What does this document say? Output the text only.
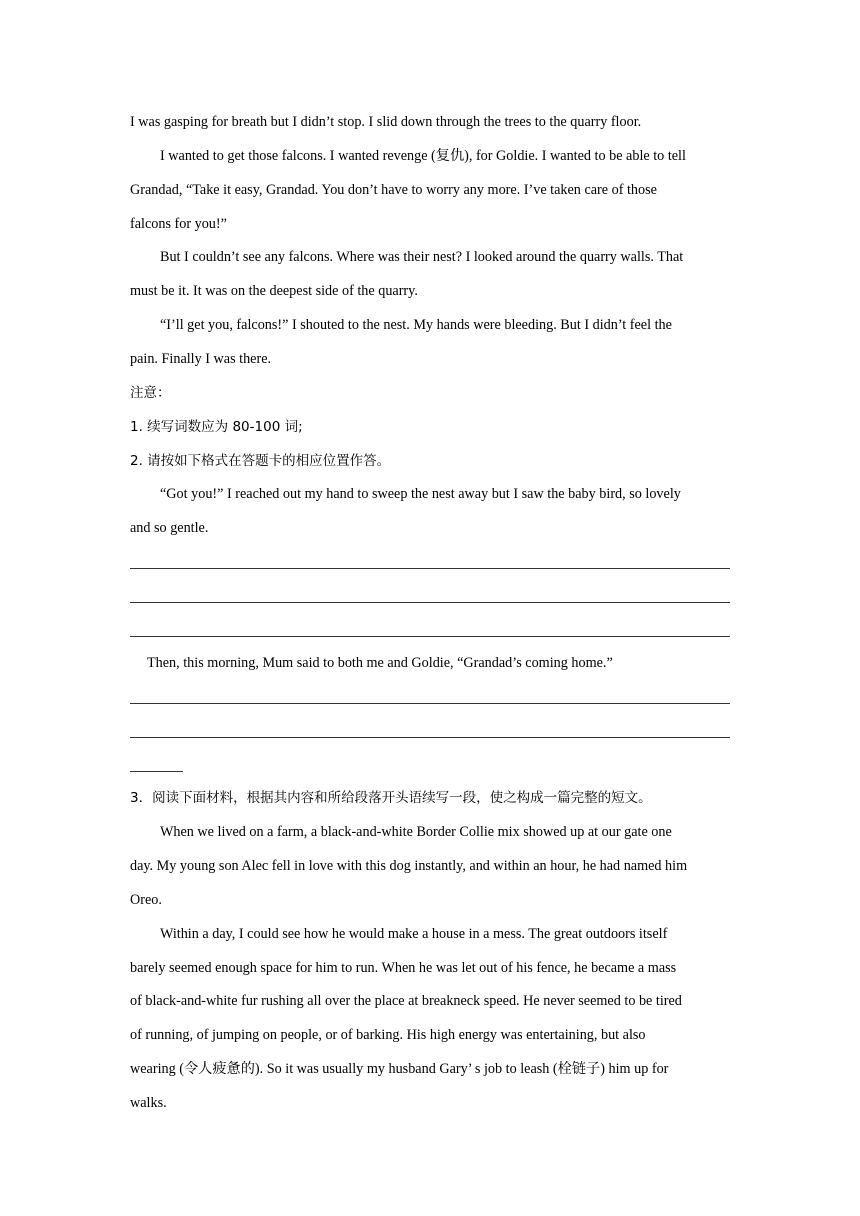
I was gasping for breath but I didn’t stop. I slid down through the trees to the quarry floor.
I wanted to get those falcons. I wanted revenge (复仇), for Goldie. I wanted to be able to tell
Grandad, “Take it easy, Grandad. You don’t have to worry any more. I’ve taken care of those
falcons for you!”
But I couldn’t see any falcons. Where was their nest? I looked around the quarry walls. That
must be it. It was on the deepest side of the quarry.
“I’ll get you, falcons!” I shouted to the nest. My hands were bleeding. But I didn’t feel the
pain. Finally I was there.
注意：
1. 续写词数应为 80-100 词;
2. 请按如下格式在答题卡的相应位置作答。
“Got you!” I reached out my hand to sweep the nest away but I saw the baby bird, so lovely
and so gentle.
Then, this morning, Mum said to both me and Goldie, “Grandad’s coming home.”
3．阅读下面材料，根据其内容和所给段落开头语续写一段，使之构成一篇完整的短文。
When we lived on a farm, a black-and-white Border Collie mix showed up at our gate one
day. My young son Alec fell in love with this dog instantly, and within an hour, he had named him
Oreo.
Within a day, I could see how he would make a house in a mess. The great outdoors itself
barely seemed enough space for him to run. When he was let out of his fence, he became a mass
of black-and-white fur rushing all over the place at breakneck speed. He never seemed to be tired
of running, of jumping on people, or of barking. His high energy was entertaining, but also
wearing (令人疲惫的). So it was usually my husband Gary’ s job to leash (栓链子) him up for
walks.
